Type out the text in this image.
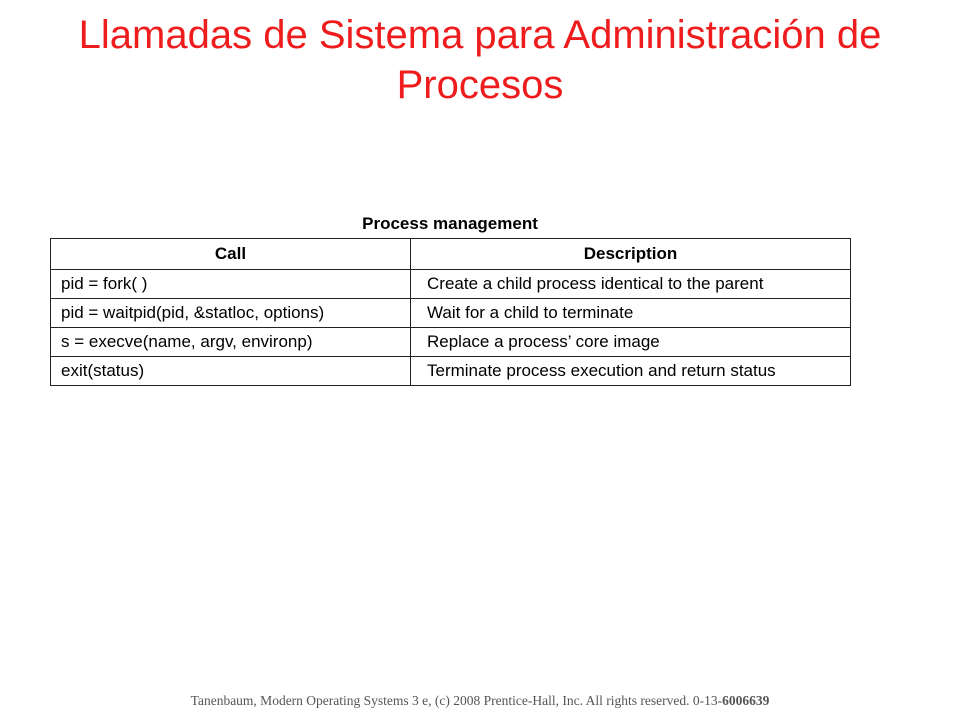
Llamadas de Sistema para Administración de
Procesos
Process management
Call	Description
pid = fork( )	Create a child process identical to the parent
pid = waitpid(pid, &statloc, options)	Wait for a child to terminate
s = execve(name, argv, environp)	Replace a process’ core image
exit(status)	Terminate process execution and return status
Tanenbaum, Modern Operating Systems 3 e, (c) 2008 Prentice-Hall, Inc. All rights reserved. 0-13-6006639
